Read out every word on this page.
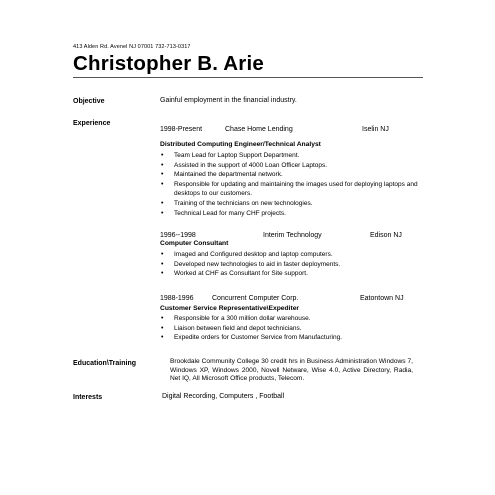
413 Alden Rd. Avenel NJ 07001 732-713-0317
Christopher B. Arie
Objective	Gainful employment in the financial industry.
Experience
1998-Present	Chase Home Lending	Iselin NJ
Distributed Computing Engineer/Technical Analyst
• Team Lead for Laptop Support Department.
• Assisted in the support of 4000 Loan Officer Laptops.
• Maintained the departmental network.
• Responsible for updating and maintaining the images used for deploying laptops and desktops to our customers.
• Training of the technicians on new technologies.
• Technical Lead for many CHF projects.
1996--1998	Interim Technology	Edison NJ
Computer Consultant
• Imaged and Configured desktop and laptop computers.
• Developed new technologies to aid in faster deployments.
• Worked at CHF as Consultant for Site support.
1988-1996	Concurrent Computer Corp.	Eatontown NJ
Customer Service Representative\Expediter
• Responsible for a 300 million dollar warehouse.
• Liaison between field and depot technicians.
• Expedite orders for Customer Service from Manufacturing.
Education\Training	Brookdale Community College 30 credit hrs in Business Administration Windows 7, Windows XP, Windows 2000, Novell Netware, Wise 4.0, Active Directory, Radia, Net IQ, All Microsoft Office products, Telecom.
Interests	Digital Recording, Computers , Football
